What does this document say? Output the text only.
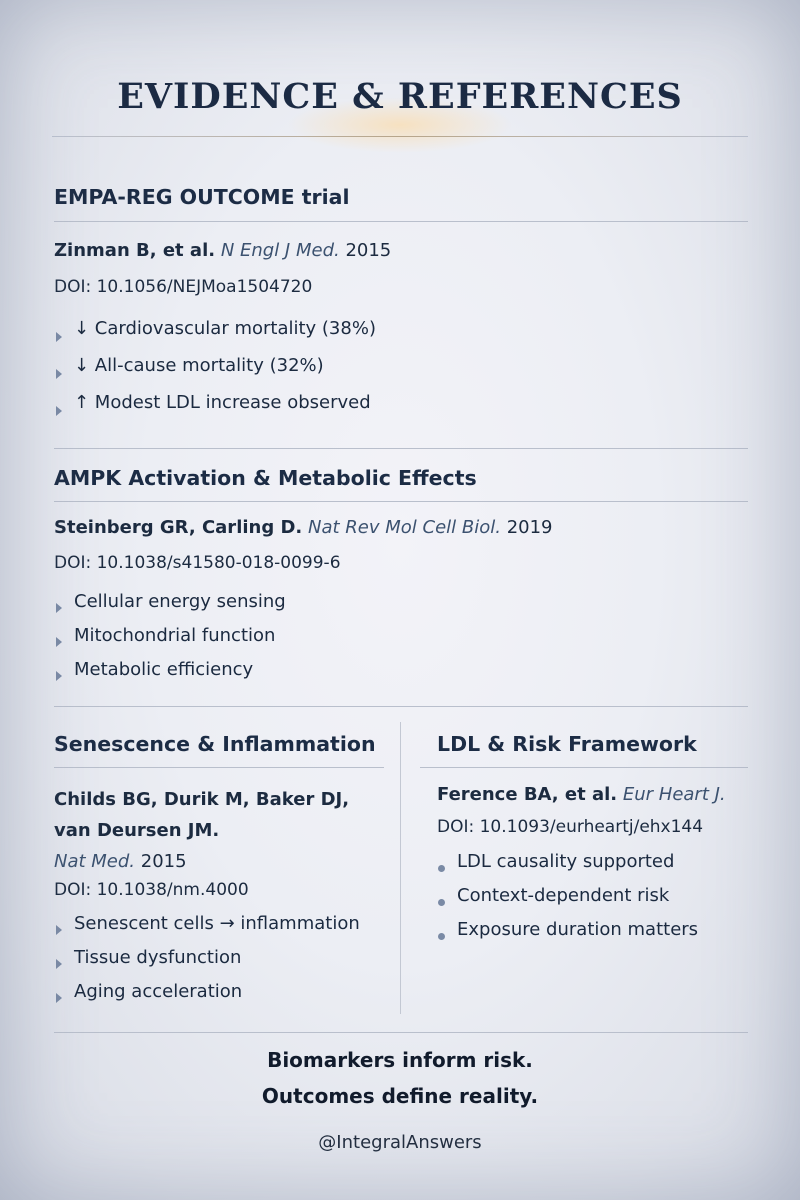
EVIDENCE & REFERENCES
EMPA-REG OUTCOME trial
Zinman B, et al. N Engl J Med. 2015
DOI: 10.1056/NEJMoa1504720
↓ Cardiovascular mortality (38%)
↓ All-cause mortality (32%)
↑ Modest LDL increase observed
AMPK Activation & Metabolic Effects
Steinberg GR, Carling D. Nat Rev Mol Cell Biol. 2019
DOI: 10.1038/s41580-018-0099-6
Cellular energy sensing
Mitochondrial function
Metabolic efficiency
Senescence & Inflammation
Childs BG, Durik M, Baker DJ,
van Deursen JM.
Nat Med. 2015
DOI: 10.1038/nm.4000
Senescent cells → inflammation
Tissue dysfunction
Aging acceleration
LDL & Risk Framework
Ference BA, et al. Eur Heart J.
DOI: 10.1093/eurheartj/ehx144
LDL causality supported
Context-dependent risk
Exposure duration matters
Biomarkers inform risk.
Outcomes define reality.
@IntegralAnswers
